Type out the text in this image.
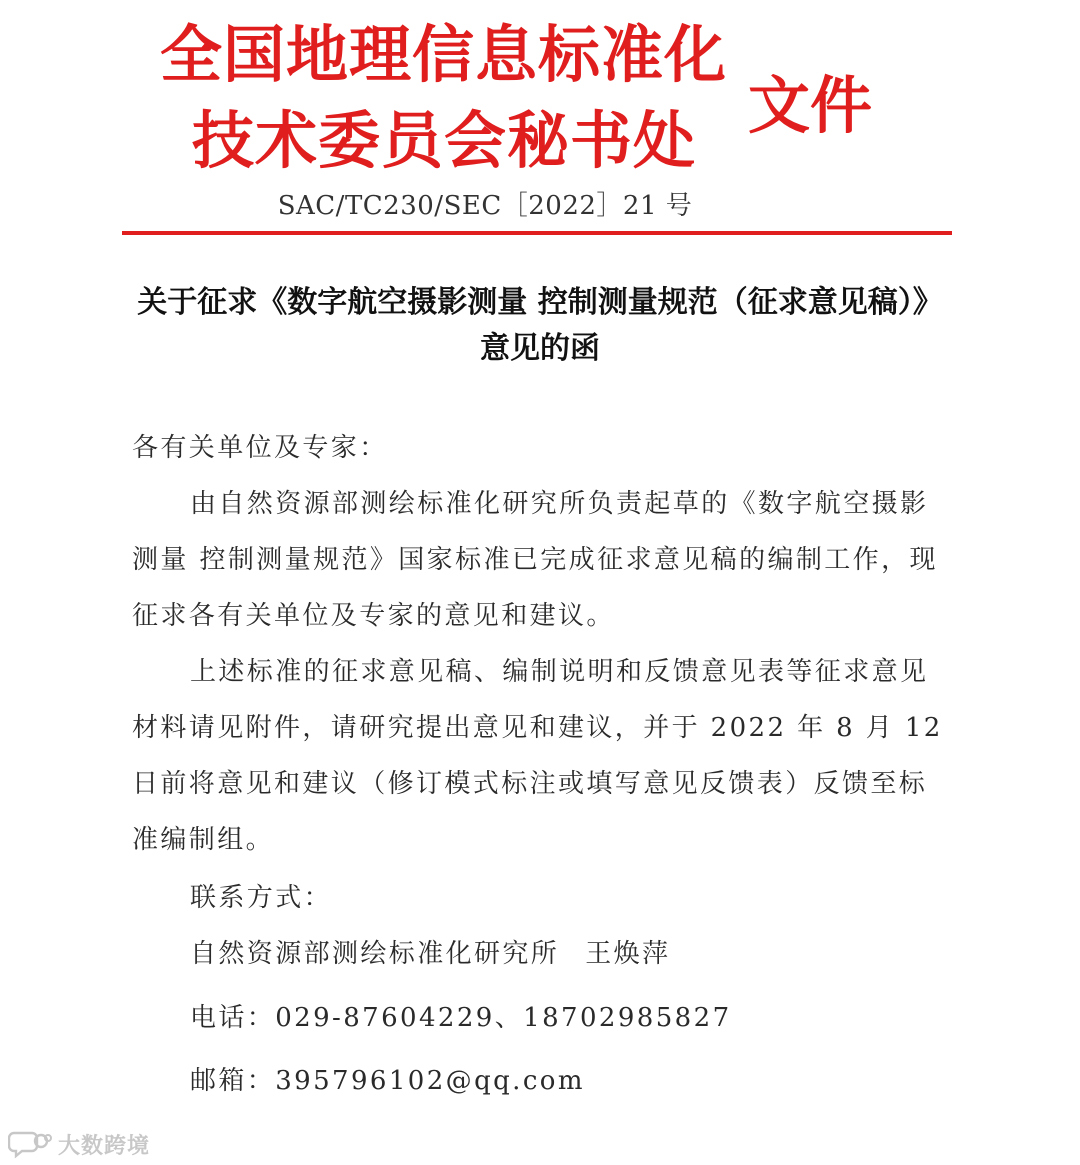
全国地理信息标准化
技术委员会秘书处 文件
SAC/TC230/SEC［2022］21 号
关于征求《数字航空摄影测量 控制测量规范（征求意见稿）》
意见的函
各有关单位及专家：
由自然资源部测绘标准化研究所负责起草的《数字航空摄影测量 控制测量规范》国家标准已完成征求意见稿的编制工作，现征求各有关单位及专家的意见和建议。
上述标准的征求意见稿、编制说明和反馈意见表等征求意见材料请见附件，请研究提出意见和建议，并于 2022 年 8 月 12 日前将意见和建议（修订模式标注或填写意见反馈表）反馈至标准编制组。
联系方式：
自然资源部测绘标准化研究所 王焕萍
电话：029-87604229、18702985827
邮箱：395796102@qq.com
大数跨境
